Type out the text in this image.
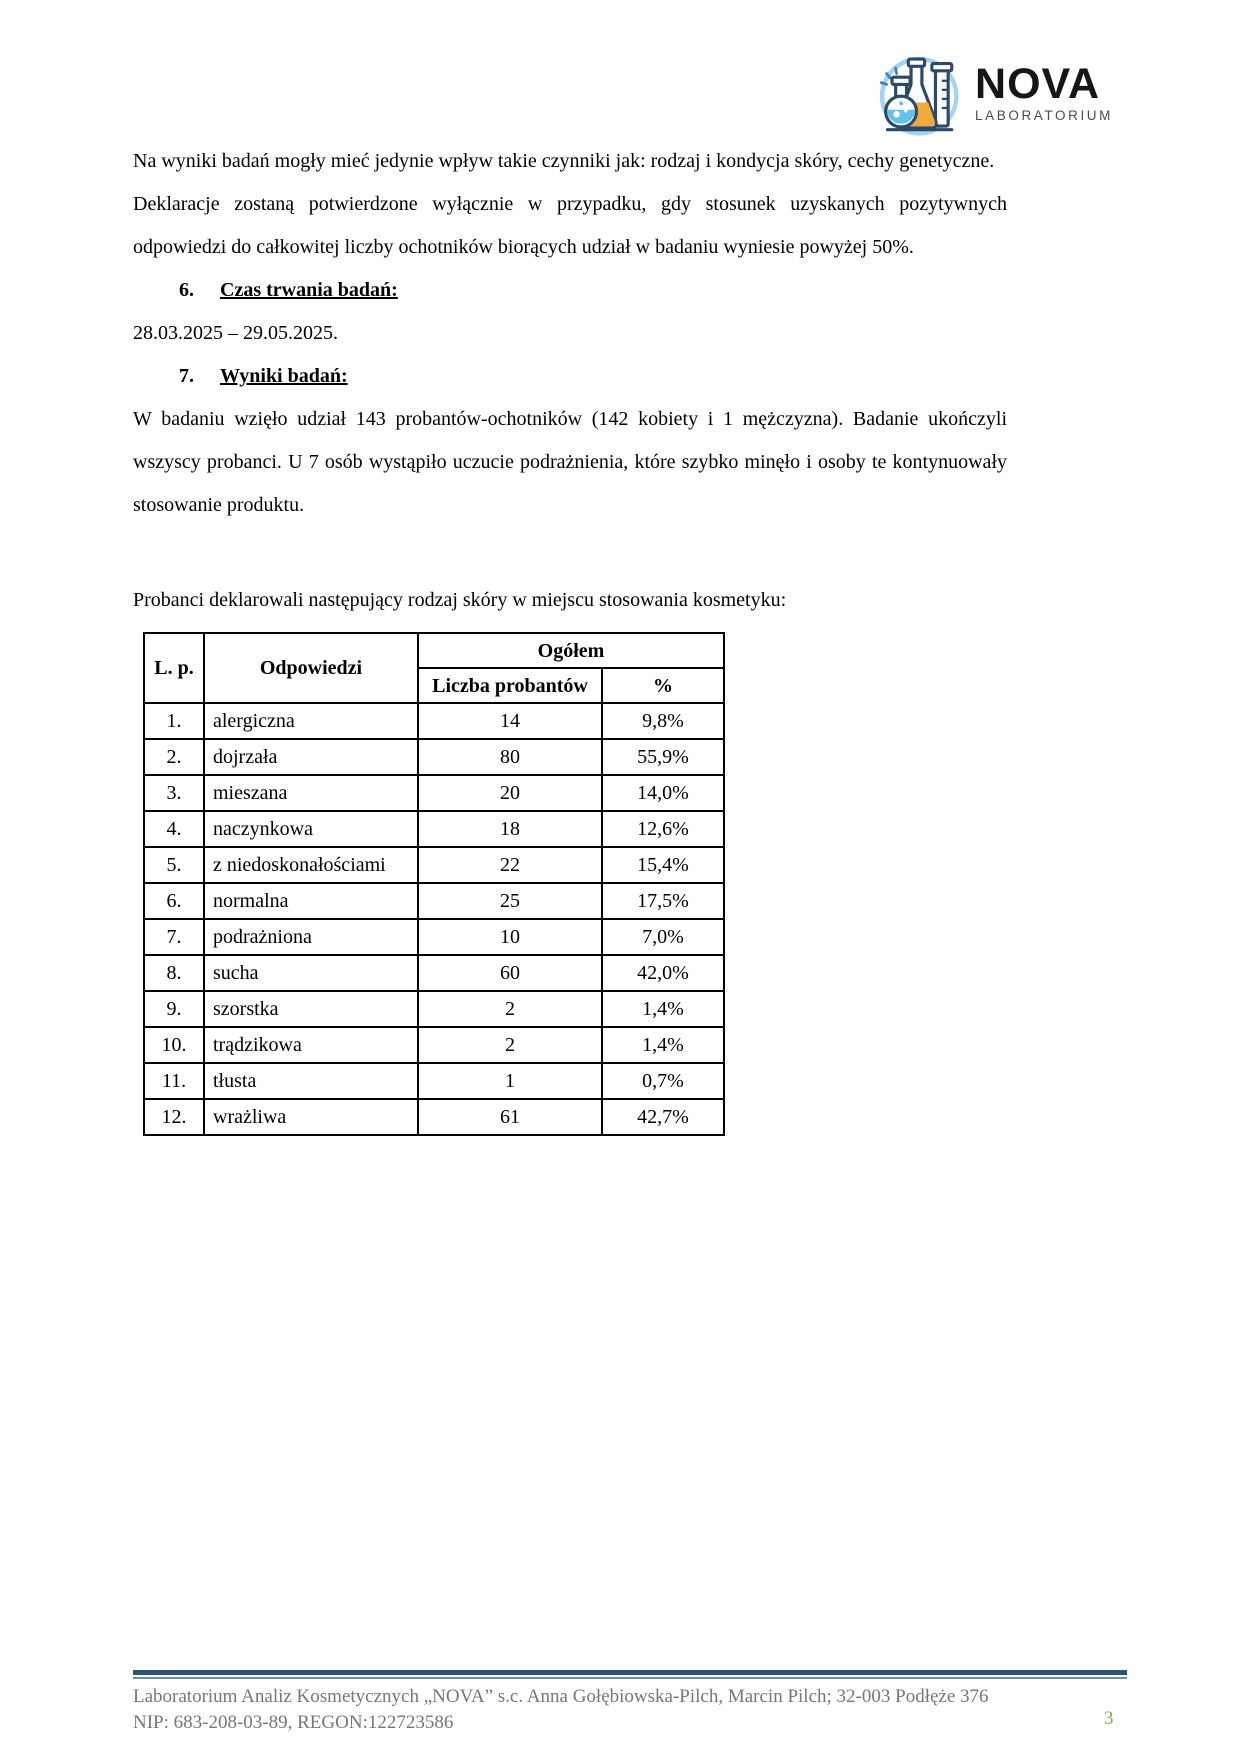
NOVA
LABORATORIUM

Na wyniki badań mogły mieć jedynie wpływ takie czynniki jak: rodzaj i kondycja skóry, cechy genetyczne.

Deklaracje zostaną potwierdzone wyłącznie w przypadku, gdy stosunek uzyskanych pozytywnych odpowiedzi do całkowitej liczby ochotników biorących udział w badaniu wyniesie powyżej 50%.

6. Czas trwania badań:

28.03.2025 – 29.05.2025.

7. Wyniki badań:

W badaniu wzięło udział 143 probantów-ochotników (142 kobiety i 1 mężczyzna). Badanie ukończyli wszyscy probanci. U 7 osób wystąpiło uczucie podrażnienia, które szybko minęło i osoby te kontynuowały stosowanie produktu.

Probanci deklarowali następujący rodzaj skóry w miejscu stosowania kosmetyku:

L. p.	Odpowiedzi	Ogółem	
		Liczba probantów	%
1.	alergiczna	14	9,8%
2.	dojrzała	80	55,9%
3.	mieszana	20	14,0%
4.	naczynkowa	18	12,6%
5.	z niedoskonałościami	22	15,4%
6.	normalna	25	17,5%
7.	podrażniona	10	7,0%
8.	sucha	60	42,0%
9.	szorstka	2	1,4%
10.	trądzikowa	2	1,4%
11.	tłusta	1	0,7%
12.	wrażliwa	61	42,7%
Laboratorium Analiz Kosmetycznych „NOVA” s.c. Anna Gołębiowska-Pilch, Marcin Pilch; 32-003 Podłęże 376
NIP: 683-208-03-89, REGON:122723586	3
